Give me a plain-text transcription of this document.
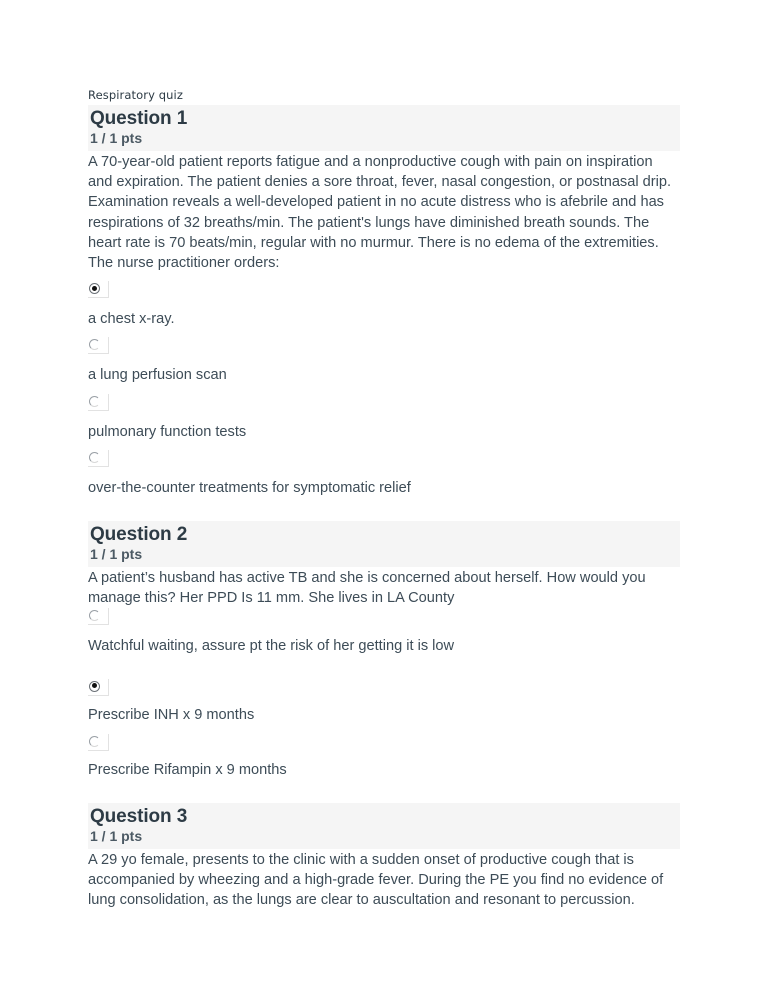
Respiratory quiz
Question 1
1 / 1 pts

A 70-year-old patient reports fatigue and a nonproductive cough with pain on inspiration and expiration. The patient denies a sore throat, fever, nasal congestion, or postnasal drip. Examination reveals a well-developed patient in no acute distress who is afebrile and has respirations of 32 breaths/min. The patient's lungs have diminished breath sounds. The heart rate is 70 beats/min, regular with no murmur. There is no edema of the extremities. The nurse practitioner orders:

a chest x-ray.

a lung perfusion scan

pulmonary function tests

over-the-counter treatments for symptomatic relief

Question 2
1 / 1 pts

A patient’s husband has active TB and she is concerned about herself. How would you manage this? Her PPD Is 11 mm. She lives in LA County

Watchful waiting, assure pt the risk of her getting it is low

Prescribe INH x 9 months

Prescribe Rifampin x 9 months

Question 3
1 / 1 pts

A 29 yo female, presents to the clinic with a sudden onset of productive cough that is accompanied by wheezing and a high-grade fever. During the PE you find no evidence of lung consolidation, as the lungs are clear to auscultation and resonant to percussion.
